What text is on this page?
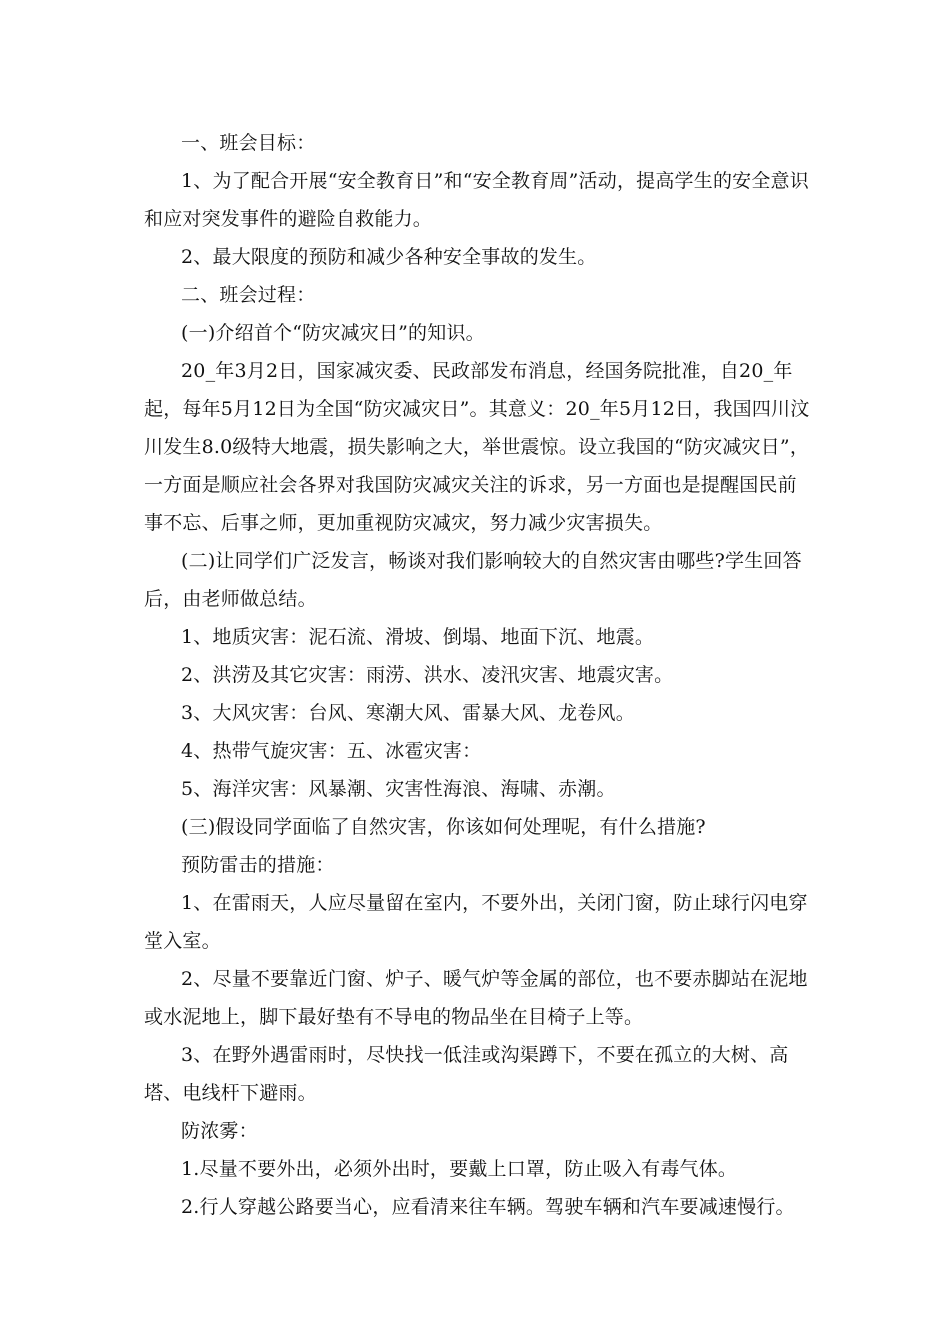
一、班会目标：

1、为了配合开展“安全教育日”和“安全教育周”活动，提高学生的安全意识和应对突发事件的避险自救能力。

2、最大限度的预防和减少各种安全事故的发生。

二、班会过程：

(一)介绍首个“防灾减灾日”的知识。

20_年3月2日，国家减灾委、民政部发布消息，经国务院批准，自20_年起，每年5月12日为全国“防灾减灾日”。其意义：20_年5月12日，我国四川汶川发生8.0级特大地震，损失影响之大，举世震惊。设立我国的“防灾减灾日”，一方面是顺应社会各界对我国防灾减灾关注的诉求，另一方面也是提醒国民前事不忘、后事之师，更加重视防灾减灾，努力减少灾害损失。

(二)让同学们广泛发言，畅谈对我们影响较大的自然灾害由哪些?学生回答后，由老师做总结。

1、地质灾害：泥石流、滑坡、倒塌、地面下沉、地震。

2、洪涝及其它灾害：雨涝、洪水、凌汛灾害、地震灾害。

3、大风灾害：台风、寒潮大风、雷暴大风、龙卷风。

4、热带气旋灾害：五、冰雹灾害：

5、海洋灾害：风暴潮、灾害性海浪、海啸、赤潮。

(三)假设同学面临了自然灾害，你该如何处理呢，有什么措施?

预防雷击的措施：

1、在雷雨天，人应尽量留在室内，不要外出，关闭门窗，防止球行闪电穿堂入室。

2、尽量不要靠近门窗、炉子、暖气炉等金属的部位，也不要赤脚站在泥地或水泥地上，脚下最好垫有不导电的物品坐在目椅子上等。

3、在野外遇雷雨时，尽快找一低洼或沟渠蹲下，不要在孤立的大树、高塔、电线杆下避雨。

防浓雾：

1.尽量不要外出，必须外出时，要戴上口罩，防止吸入有毒气体。

2.行人穿越公路要当心，应看清来往车辆。驾驶车辆和汽车要减速慢行。
